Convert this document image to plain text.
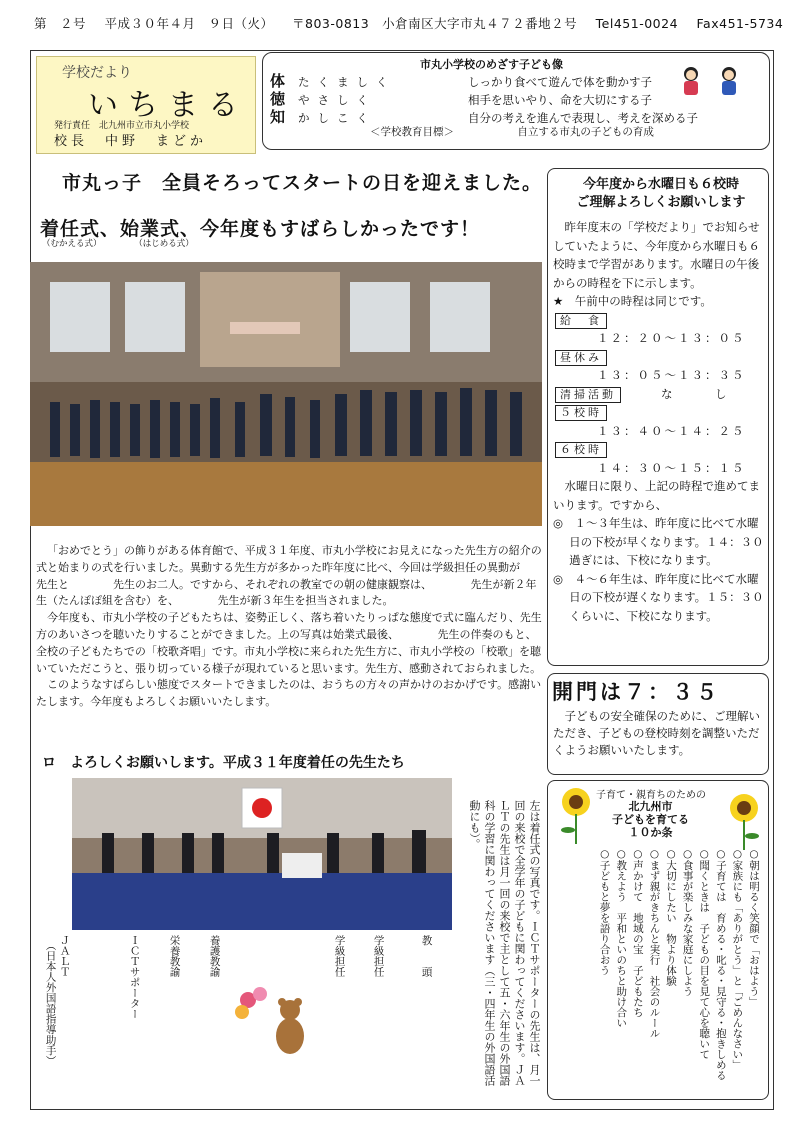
第　２号 平成３０年４月　９日（火） 〒803-0813　小倉南区大字市丸４７２番地２号 Tel451-0024 Fax451-5734
学校だより
いちまる
発行責任　北九州市立市丸小学校
校長　中野　まどか
市丸小学校のめざす子ども像
体 たくましく	しっかり食べて遊んで体を動かす子
徳 やさしく	相手を思いやり、命を大切にする子
知 かしこく	自分の考えを進んで表現し、考えを深める子
＜学校教育目標＞	自立する市丸の子どもの育成
市丸っ子　全員そろってスタートの日を迎えました。
着任式、始業式、今年度もすばらしかったです！
（むかえる式）	（はじめる式）

「おめでとう」の飾りがある体育館で、平成３１年度、市丸小学校にお見えになった先生方の紹介の式と始まりの式を行いました。異動する先生方が多かった昨年度に比べ、今回は学級担任の異動が　　　　先生と　　　　先生のお二人。ですから、それぞれの教室での朝の健康観察は、　　　　先生が新２年生（たんぽぽ組を含む）を、　　　　先生が新３年生を担当されました。

今年度も、市丸小学校の子どもたちは、姿勢正しく、落ち着いたりっぱな態度で式に臨んだり、先生方のあいさつを聴いたりすることができました。上の写真は始業式最後、　　　　先生の伴奏のもと、全校の子どもたちでの「校歌斉唱」です。市丸小学校に来られた先生方に、市丸小学校の「校歌」を聴いていただこうと、張り切っている様子が現れていると思います。先生方、感動されておられました。

このようなすばらしい態度でスタートできましたのは、おうちの方々の声かけのおかげです。感謝いたします。今年度もよろしくお願いいたします。

ロ　よろしくお願いします。平成３１年度着任の先生たち
ＪＡＬＴ
（日本人外国語指導助手）	ＩＣＴサポーター	栄養教諭	養護教諭	学級担任	学級担任	教　　頭	左は着任式の写真です。ＩＣＴサポーターの先生は、月一回の来校で全学年の子どもに関わってくださいます。ＪＡＬＴの先生は月一回の来校で主として五・六年生の外国語科の学習に関わってくださいます（三・四年生の外国語活動にも）。
今年度から水曜日も６校時
ご理解よろしくお願いします
昨年度末の「学校だより」でお知らせしていたように、今年度から水曜日も６校時まで学習があります。水曜日の午後からの時程を下に示します。
★　午前中の時程は同じです。
給　食
１２：２０～１３：０５
昼休み
１３：０５～１３：３５
清掃活動	な　　　し
５校時
１３：４０～１４：２５
６校時
１４：３０～１５：１５
水曜日に限り、上記の時程で進めてまいります。ですから、
◎　１～３年生は、昨年度に比べて水曜日の下校が早くなります。１４：３０過ぎには、下校になります。
◎　４～６年生は、昨年度に比べて水曜日の下校が遅くなります。１５：３０くらいに、下校になります。
開門は７：３５
子どもの安全確保のために、ご理解いただき、子どもの登校時刻を調整いただくようお願いいたします。
子育て・親育ちのための
北九州市
子どもを育てる
１０か条
○朝は明るく笑顔で「おはよう」
○家族にも「ありがとう」と「ごめんなさい」
○子育ては　育める・叱る・見守る・抱きしめる
○聞くときは　子どもの目を見て心を聴いて
○食事が楽しみな家庭にしよう
○大切にしたい　物より体験
○まず親がきちんと実行　社会のルール
○声かけて　地域の宝　子どもたち
○教えよう　平和といのちと助け合い
○子どもと夢を語り合おう
